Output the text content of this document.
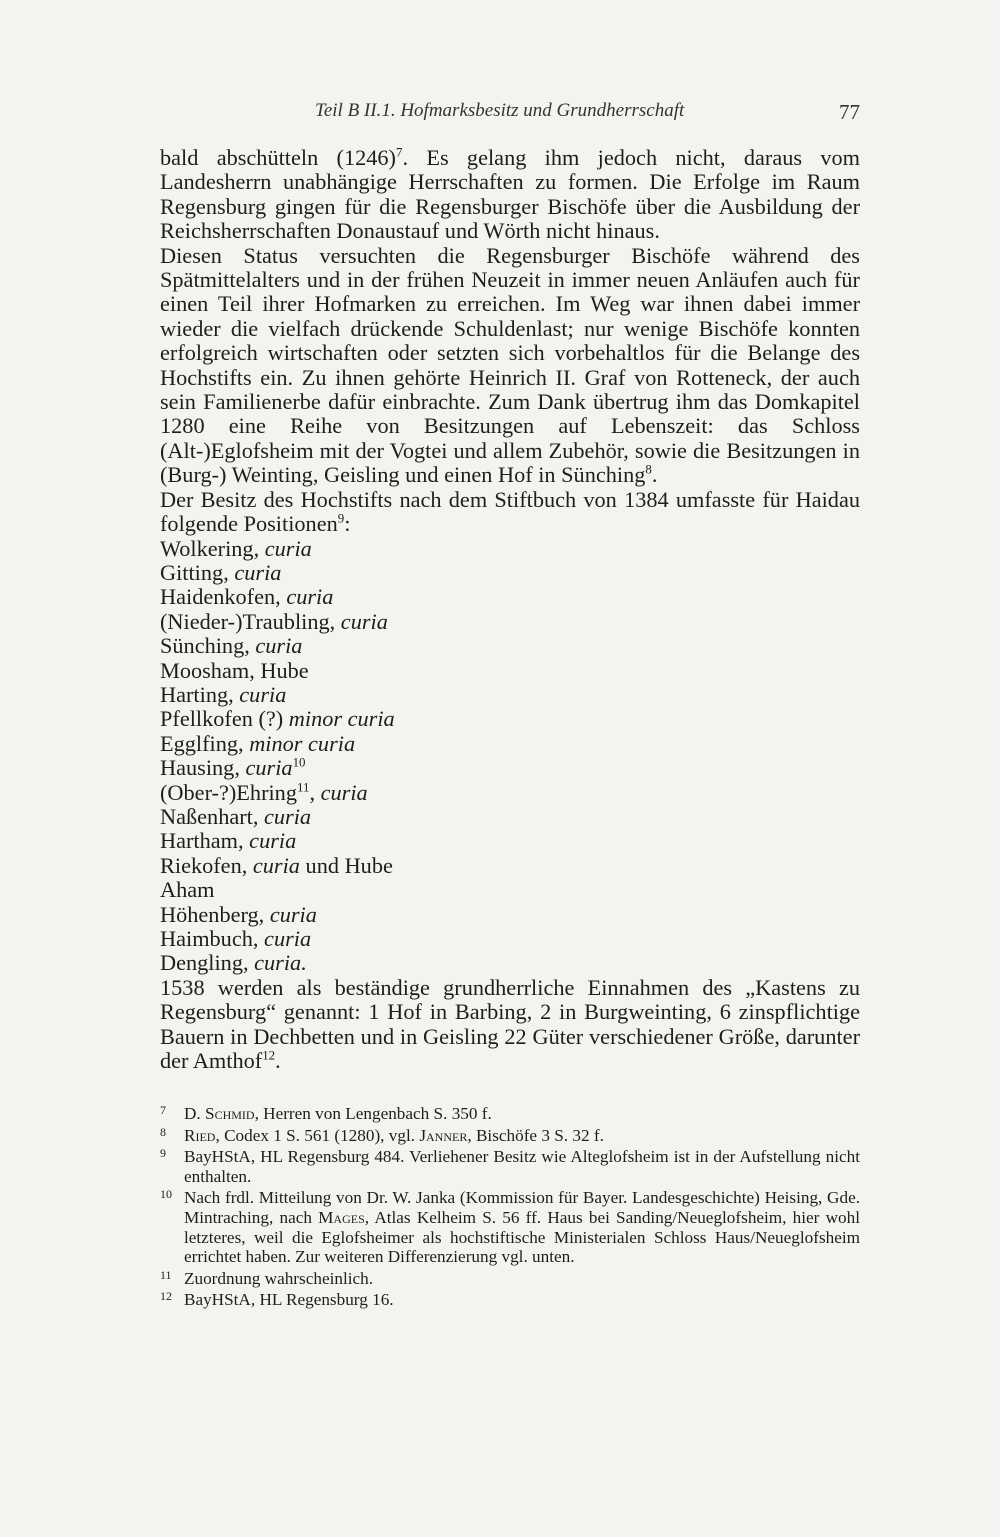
Teil B II.1. Hofmarksbesitz und Grundherrschaft	77

bald abschütteln $(1246)^7$. Es gelang ihm jedoch nicht, daraus vom Landesherrn unabhängige Herrschaften zu formen. Die Erfolge im Raum Regensburg gingen für die Regensburger Bischöfe über die Ausbildung der Reichsherrschaften Donaustauf und Wörth nicht hinaus.

Diesen Status versuchten die Regensburger Bischöfe während des Spätmittelalters und in der frühen Neuzeit in immer neuen Anläufen auch für einen Teil ihrer Hofmarken zu erreichen. Im Weg war ihnen dabei immer wieder die vielfach drückende Schuldenlast; nur wenige Bischöfe konnten erfolgreich wirtschaften oder setzten sich vorbehaltlos für die Belange des Hochstifts ein. Zu ihnen gehörte Heinrich II. Graf von Rotteneck, der auch sein Familienerbe dafür einbrachte. Zum Dank übertrug ihm das Domkapitel 1280 eine Reihe von Besitzungen auf Lebenszeit: das Schloss (Alt-)Eglofsheim mit der Vogtei und allem Zubehör, sowie die Besitzungen in (Burg-) Weinting, Geisling und einen Hof in Sünching$^8$.

Der Besitz des Hochstifts nach dem Stiftbuch von 1384 umfasste für Haidau folgende Positionen$^9$:

Wolkering, curia
Gitting, curia
Haidenkofen, curia
(Nieder-)Traubling, curia
Sünching, curia
Moosham, Hube
Harting, curia
Pfellkofen (?) minor curia
Egglfing, minor curia
Hausing, curia$^{10}$
(Ober-?)Ehring$^{11}$, curia
Naßenhart, curia
Hartham, curia
Riekofen, curia und Hube
Aham
Höhenberg, curia
Haimbuch, curia
Dengling, curia.

1538 werden als beständige grundherrliche Einnahmen des „Kastens zu Regensburg“ genannt: 1 Hof in Barbing, 2 in Burgweinting, 6 zinspflichtige Bauern in Dechbetten und in Geisling 22 Güter verschiedener Größe, darunter der Amthof$^{12}$.

7 D. Schmid, Herren von Lengenbach S. 350 f.
8 Ried, Codex 1 S. 561 (1280), vgl. Janner, Bischöfe 3 S. 32 f.
9 BayHStA, HL Regensburg 484. Verliehener Besitz wie Alteglofsheim ist in der Aufstellung nicht enthalten.
10 Nach frdl. Mitteilung von Dr. W. Janka (Kommission für Bayer. Landesgeschichte) Heising, Gde. Mintraching, nach Mages, Atlas Kelheim S. 56 ff. Haus bei Sanding/Neueglofsheim, hier wohl letzteres, weil die Eglofsheimer als hochstiftische Ministerialen Schloss Haus/Neueglofsheim errichtet haben. Zur weiteren Differenzierung vgl. unten.
11 Zuordnung wahrscheinlich.
12 BayHStA, HL Regensburg 16.
